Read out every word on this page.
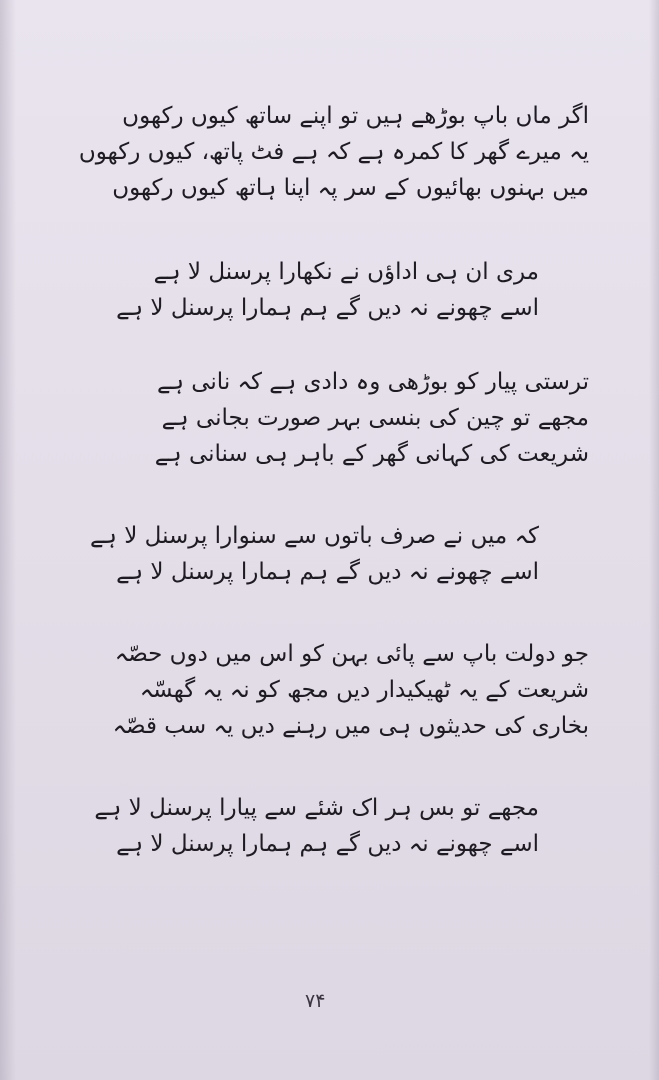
اگر ماں باپ بوڑھے ہیں تو اپنے ساتھ کیوں رکھوں
یہ میرے گھر کا کمرہ ہے کہ ہے فٹ پاتھ، کیوں رکھوں
میں بہنوں بھائیوں کے سر پہ اپنا ہاتھ کیوں رکھوں
مری ان ہی اداؤں نے نکھارا پرسنل لا ہے
اسے چھونے نہ دیں گے ہم ہمارا پرسنل لا ہے
ترستی پیار کو بوڑھی وہ دادی ہے کہ نانی ہے
مجھے تو چین کی بنسی بہر صورت بجانی ہے
شریعت کی کہانی گھر کے باہر ہی سنانی ہے
کہ میں نے صرف باتوں سے سنوارا پرسنل لا ہے
اسے چھونے نہ دیں گے ہم ہمارا پرسنل لا ہے
جو دولت باپ سے پائی بہن کو اس میں دوں حصّہ
شریعت کے یہ ٹھیکیدار دیں مجھ کو نہ یہ گھسّہ
بخاری کی حدیثوں ہی میں رہنے دیں یہ سب قصّہ
مجھے تو بس ہر اک شئے سے پیارا پرسنل لا ہے
اسے چھونے نہ دیں گے ہم ہمارا پرسنل لا ہے
۷۴
